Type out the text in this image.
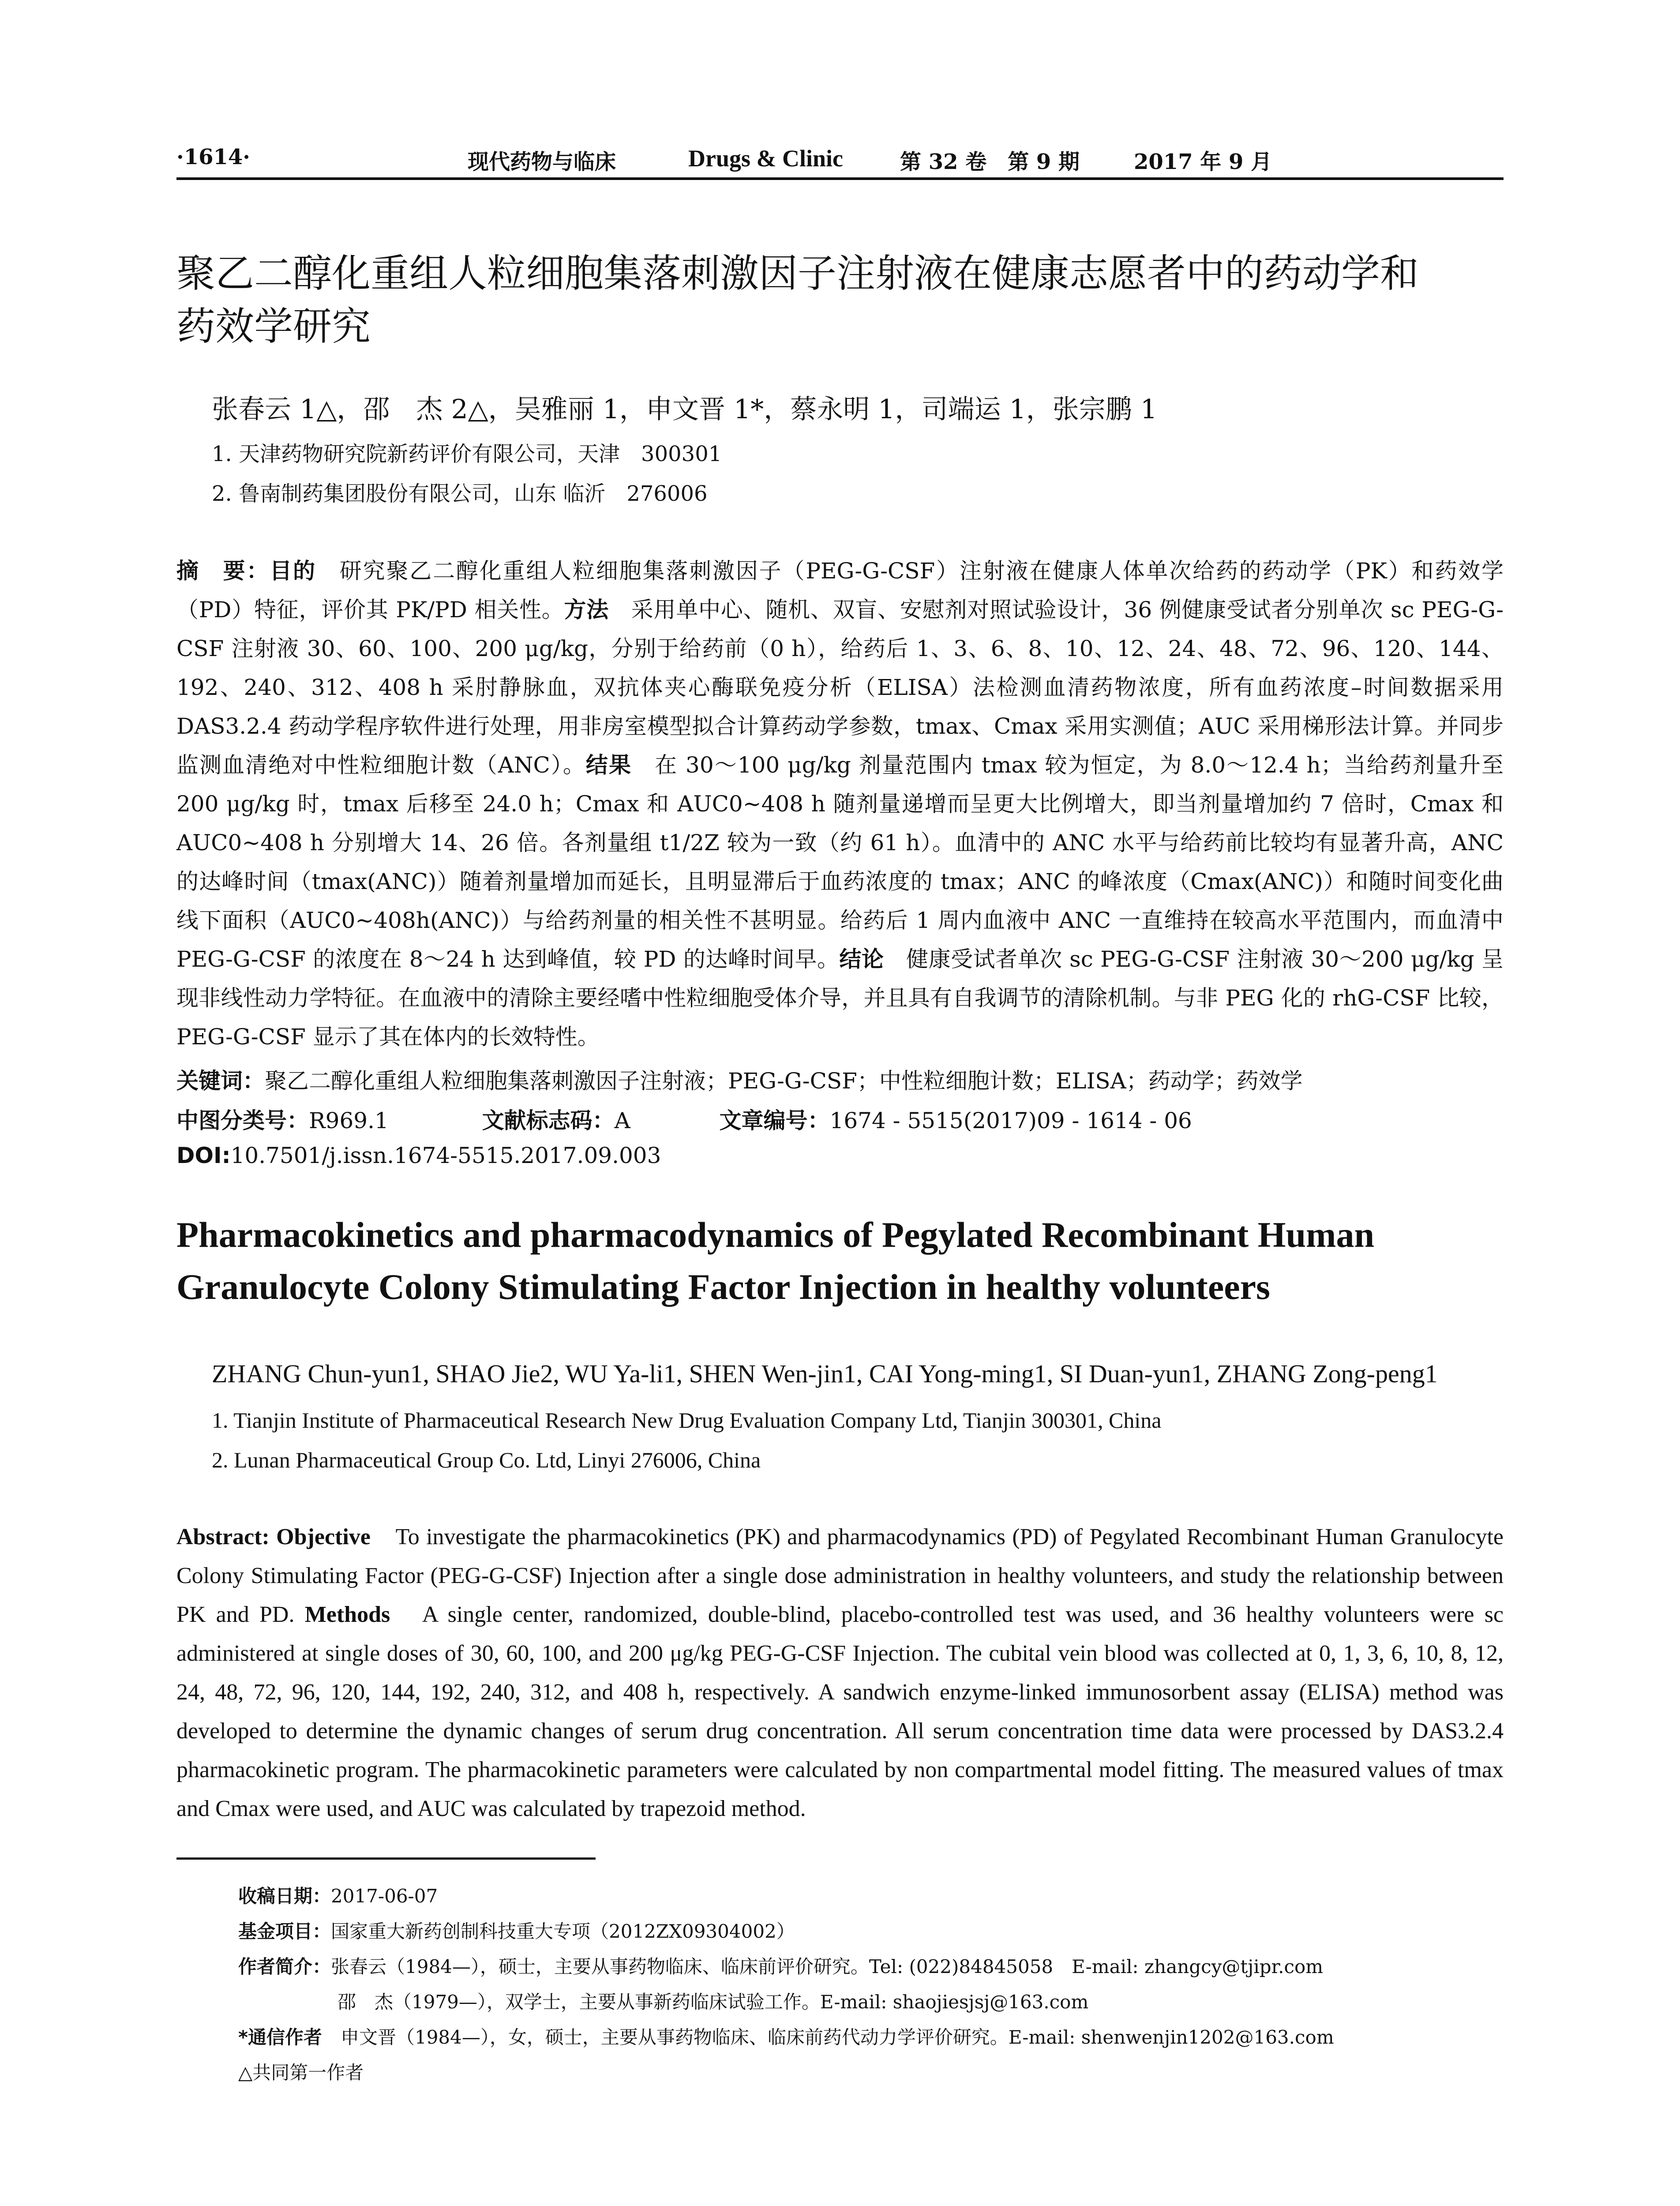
·1614·	现代药物与临床	Drugs & Clinic	第 32 卷　第 9 期	2017 年 9 月
聚乙二醇化重组人粒细胞集落刺激因子注射液在健康志愿者中的药动学和
药效学研究
张春云 1△，邵　杰 2△，吴雅丽 1，申文晋 1*，蔡永明 1，司端运 1，张宗鹏 1
1. 天津药物研究院新药评价有限公司，天津　300301
2. 鲁南制药集团股份有限公司，山东 临沂　276006
摘　要：目的　 研究聚乙二醇化重组人粒细胞集落刺激因子（PEG-G-CSF）注射液在健康人体单次给药的药动学（PK）和药效学（PD）特征，评价其 PK/PD 相关性。方法　 采用单中心、随机、双盲、安慰剂对照试验设计，36 例健康受试者分别单次 sc PEG-G-CSF 注射液 30、60、100、200 μg/kg，分别于给药前（0 h），给药后 1、3、6、8、10、12、24、48、72、96、120、144、192、240、312、408 h 采肘静脉血，双抗体夹心酶联免疫分析（ELISA）法检测血清药物浓度，所有血药浓度–时间数据采用 DAS3.2.4 药动学程序软件进行处理，用非房室模型拟合计算药动学参数，tmax、Cmax 采用实测值；AUC 采用梯形法计算。并同步监测血清绝对中性粒细胞计数（ANC）。结果　 在 30～100 μg/kg 剂量范围内 tmax 较为恒定，为 8.0～12.4 h；当给药剂量升至 200 μg/kg 时，tmax 后移至 24.0 h；Cmax 和 AUC0~408 h 随剂量递增而呈更大比例增大，即当剂量增加约 7 倍时，Cmax 和 AUC0~408 h 分别增大 14、26 倍。各剂量组 t1/2Z 较为一致（约 61 h）。血清中的 ANC 水平与给药前比较均有显著升高，ANC 的达峰时间（tmax(ANC)）随着剂量增加而延长，且明显滞后于血药浓度的 tmax；ANC 的峰浓度（Cmax(ANC)）和随时间变化曲线下面积（AUC0~408h(ANC)）与给药剂量的相关性不甚明显。给药后 1 周内血液中 ANC 一直维持在较高水平范围内，而血清中 PEG-G-CSF 的浓度在 8～24 h 达到峰值，较 PD 的达峰时间早。结论　 健康受试者单次 sc PEG-G-CSF 注射液 30～200 μg/kg 呈现非线性动力学特征。在血液中的清除主要经嗜中性粒细胞受体介导，并且具有自我调节的清除机制。与非 PEG 化的 rhG-CSF 比较，PEG-G-CSF 显示了其在体内的长效特性。
关键词：聚乙二醇化重组人粒细胞集落刺激因子注射液；PEG-G-CSF；中性粒细胞计数；ELISA；药动学；药效学
中图分类号：R969.1	文献标志码：A	文章编号：1674 - 5515(2017)09 - 1614 - 06
DOI:10.7501/j.issn.1674-5515.2017.09.003
Pharmacokinetics and pharmacodynamics of Pegylated Recombinant Human
Granulocyte Colony Stimulating Factor Injection in healthy volunteers
ZHANG Chun-yun1, SHAO Jie2, WU Ya-li1, SHEN Wen-jin1, CAI Yong-ming1, SI Duan-yun1, ZHANG Zong-peng1
1. Tianjin Institute of Pharmaceutical Research New Drug Evaluation Company Ltd, Tianjin 300301, China
2. Lunan Pharmaceutical Group Co. Ltd, Linyi 276006, China
Abstract: Objective　 To investigate the pharmacokinetics (PK) and pharmacodynamics (PD) of Pegylated Recombinant Human Granulocyte Colony Stimulating Factor (PEG-G-CSF) Injection after a single dose administration in healthy volunteers, and study the relationship between PK and PD. Methods　 A single center, randomized, double-blind, placebo-controlled test was used, and 36 healthy volunteers were sc administered at single doses of 30, 60, 100, and 200 μg/kg PEG-G-CSF Injection. The cubital vein blood was collected at 0, 1, 3, 6, 10, 8, 12, 24, 48, 72, 96, 120, 144, 192, 240, 312, and 408 h, respectively. A sandwich enzyme-linked immunosorbent assay (ELISA) method was developed to determine the dynamic changes of serum drug concentration. All serum concentration time data were processed by DAS3.2.4 pharmacokinetic program. The pharmacokinetic parameters were calculated by non compartmental model fitting. The measured values of tmax and Cmax were used, and AUC was calculated by trapezoid method.
收稿日期：2017-06-07
基金项目：国家重大新药创制科技重大专项（2012ZX09304002）
作者简介：张春云（1984—），硕士，主要从事药物临床、临床前评价研究。Tel: (022)84845058　E-mail: zhangcy@tjipr.com
邵　杰（1979—），双学士，主要从事新药临床试验工作。E-mail: shaojiesjsj@163.com
*通信作者　 申文晋（1984—），女，硕士，主要从事药物临床、临床前药代动力学评价研究。E-mail: shenwenjin1202@163.com
△共同第一作者
